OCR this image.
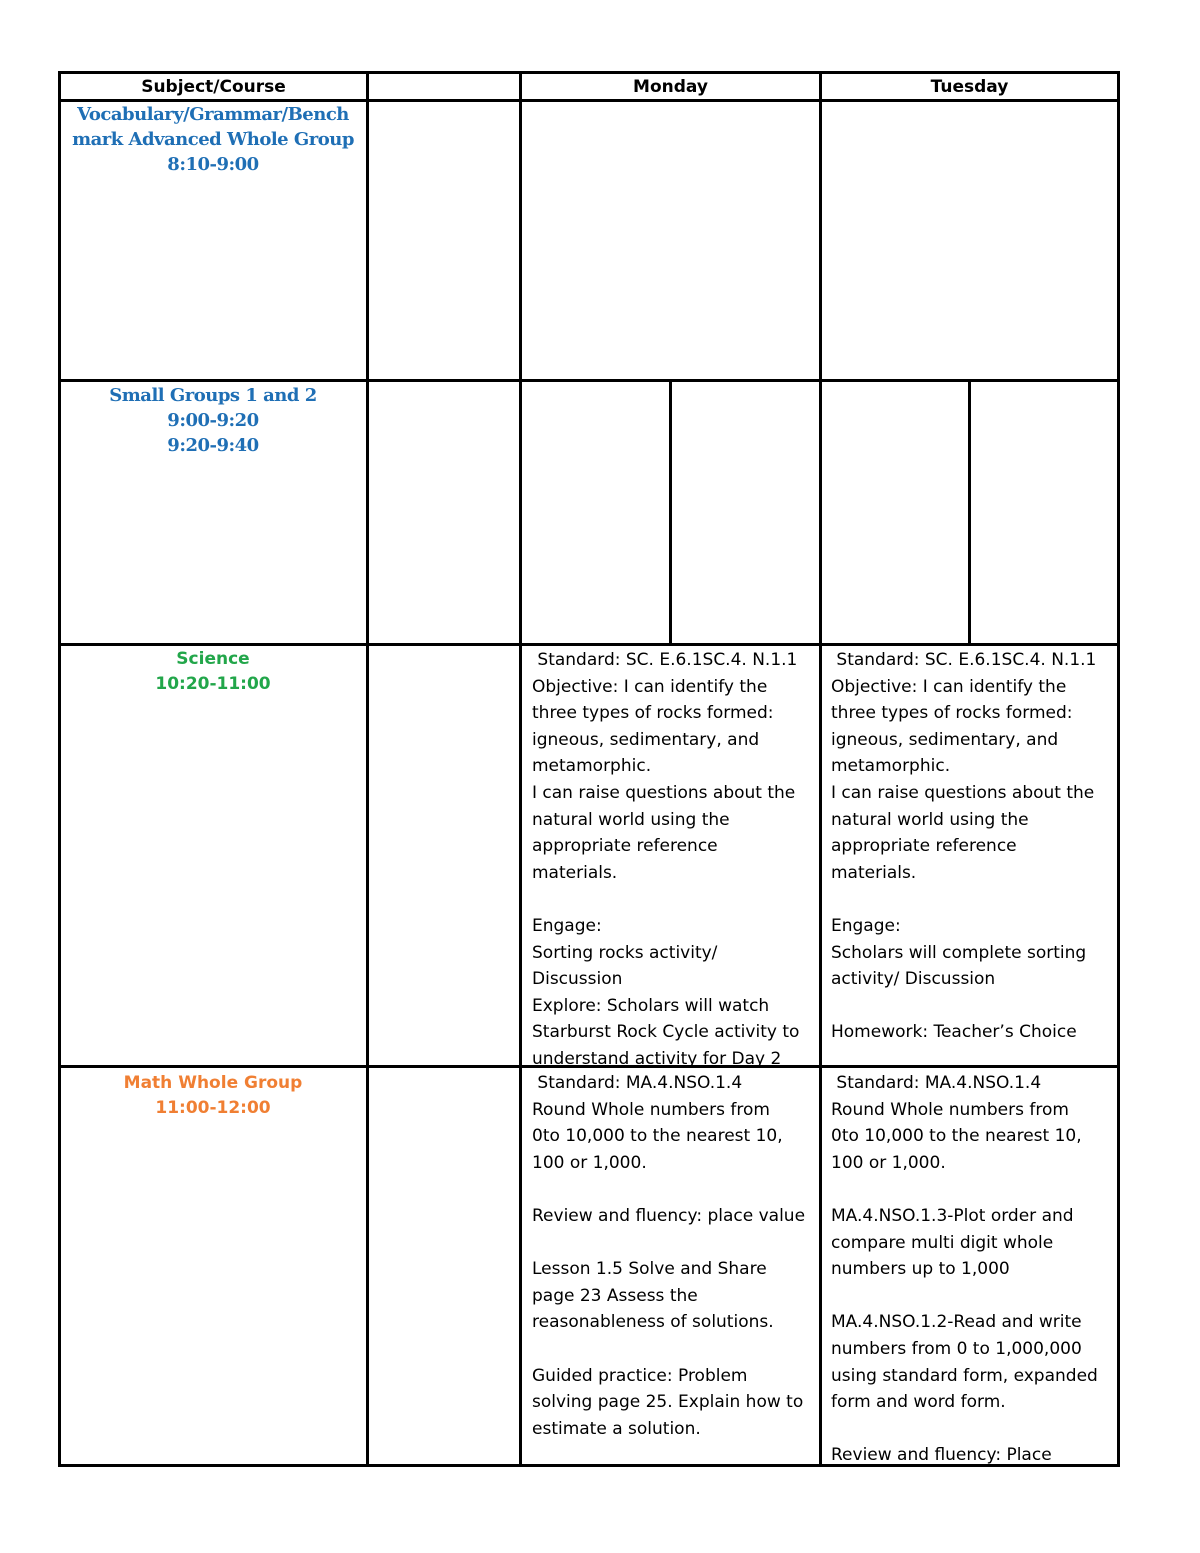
Subject/Course	Monday	Tuesday
Vocabulary/Grammar/Bench
mark Advanced Whole Group
8:10-9:00
Small Groups 1 and 2
9:00-9:20
9:20-9:40
Science
10:20-11:00
Standard: SC. E.6.1SC.4. N.1.1
Objective: I can identify the
three types of rocks formed:
igneous, sedimentary, and
metamorphic.
I can raise questions about the
natural world using the
appropriate reference
materials.

Engage:
Sorting rocks activity/
Discussion
Explore: Scholars will watch
Starburst Rock Cycle activity to
understand activity for Day 2
Standard: SC. E.6.1SC.4. N.1.1
Objective: I can identify the
three types of rocks formed:
igneous, sedimentary, and
metamorphic.
I can raise questions about the
natural world using the
appropriate reference
materials.

Engage:
Scholars will complete sorting
activity/ Discussion

Homework: Teacher’s Choice
Math Whole Group
11:00-12:00
Standard: MA.4.NSO.1.4
Round Whole numbers from
0to 10,000 to the nearest 10,
100 or 1,000.

Review and fluency: place value

Lesson 1.5 Solve and Share
page 23 Assess the
reasonableness of solutions.

Guided practice: Problem
solving page 25. Explain how to
estimate a solution.
Standard: MA.4.NSO.1.4
Round Whole numbers from
0to 10,000 to the nearest 10,
100 or 1,000.

MA.4.NSO.1.3-Plot order and
compare multi digit whole
numbers up to 1,000

MA.4.NSO.1.2-Read and write
numbers from 0 to 1,000,000
using standard form, expanded
form and word form.

Review and fluency: Place
